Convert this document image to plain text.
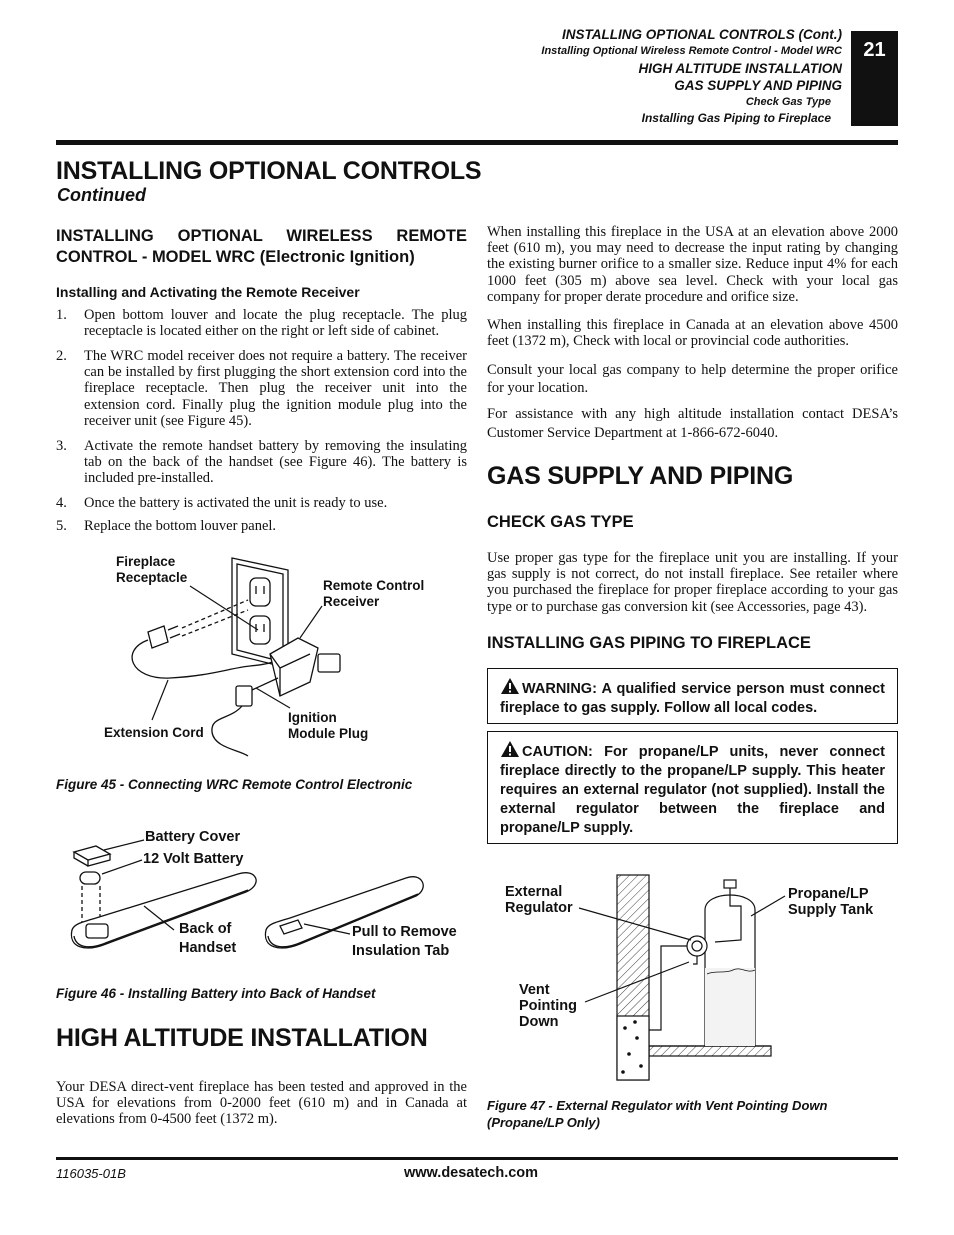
INSTALLING OPTIONAL CONTROLS (Cont.)
Installing Optional Wireless Remote Control - Model WRC
HIGH ALTITUDE INSTALLATION
GAS SUPPLY AND PIPING
Check Gas Type
Installing Gas Piping to Fireplace
21
INSTALLING OPTIONAL CONTROLS
Continued
INSTALLING OPTIONAL WIRELESS REMOTE
CONTROL - MODEL WRC (Electronic Ignition)
Installing and Activating the Remote Receiver
1. Open bottom louver and locate the plug receptacle. The plug receptacle is located either on the right or left side of cabinet.
2. The WRC model receiver does not require a battery. The receiver can be installed by first plugging the short extension cord into the fireplace receptacle. Then plug the receiver unit into the extension cord. Finally plug the ignition module plug into the receiver unit (see Figure 45).
3. Activate the remote handset battery by removing the insulating tab on the back of the handset (see Figure 46). The battery is included pre-installed.
4. Once the battery is activated the unit is ready to use.
5. Replace the bottom louver panel.
Fireplace
Receptacle
Remote Control
Receiver
Extension Cord
Ignition
Module Plug
Figure 45 - Connecting WRC Remote Control Electronic
Battery Cover
12 Volt Battery
Back of
Handset
Pull to Remove
Insulation Tab
Figure 46 - Installing Battery into Back of Handset
HIGH ALTITUDE INSTALLATION

Your DESA direct-vent fireplace has been tested and approved in the USA for elevations from 0-2000 feet (610 m) and in Canada at elevations from 0-4500 feet (1372 m).

When installing this fireplace in the USA at an elevation above 2000 feet (610 m), you may need to decrease the input rating by changing the existing burner orifice to a smaller size. Reduce input 4% for each 1000 feet (305 m) above sea level. Check with your local gas company for proper derate procedure and orifice size.

When installing this fireplace in Canada at an elevation above 4500 feet (1372 m), Check with local or provincial code authorities.

Consult your local gas company to help determine the proper orifice for your location.

For assistance with any high altitude installation contact DESA’s Customer Service Department at 1-866-672-6040.

GAS SUPPLY AND PIPING
CHECK GAS TYPE

Use proper gas type for the fireplace unit you are installing. If your gas supply is not correct, do not install fireplace. See retailer where you purchased the fireplace for proper fireplace according to your gas type or to purchase gas conversion kit (see Accessories, page 43).

INSTALLING GAS PIPING TO FIREPLACE
WARNING: A qualified service person must connect fireplace to gas supply. Follow all local codes.
CAUTION: For propane/LP units, never connect fireplace directly to the propane/LP supply. This heater requires an external regulator (not supplied). Install the external regulator between the fireplace and propane/LP supply.
External
Regulator
Propane/LP
Supply Tank
Vent
Pointing
Down
Figure 47 - External Regulator with Vent Pointing Down (Propane/LP Only)
116035-01B	www.desatech.com
